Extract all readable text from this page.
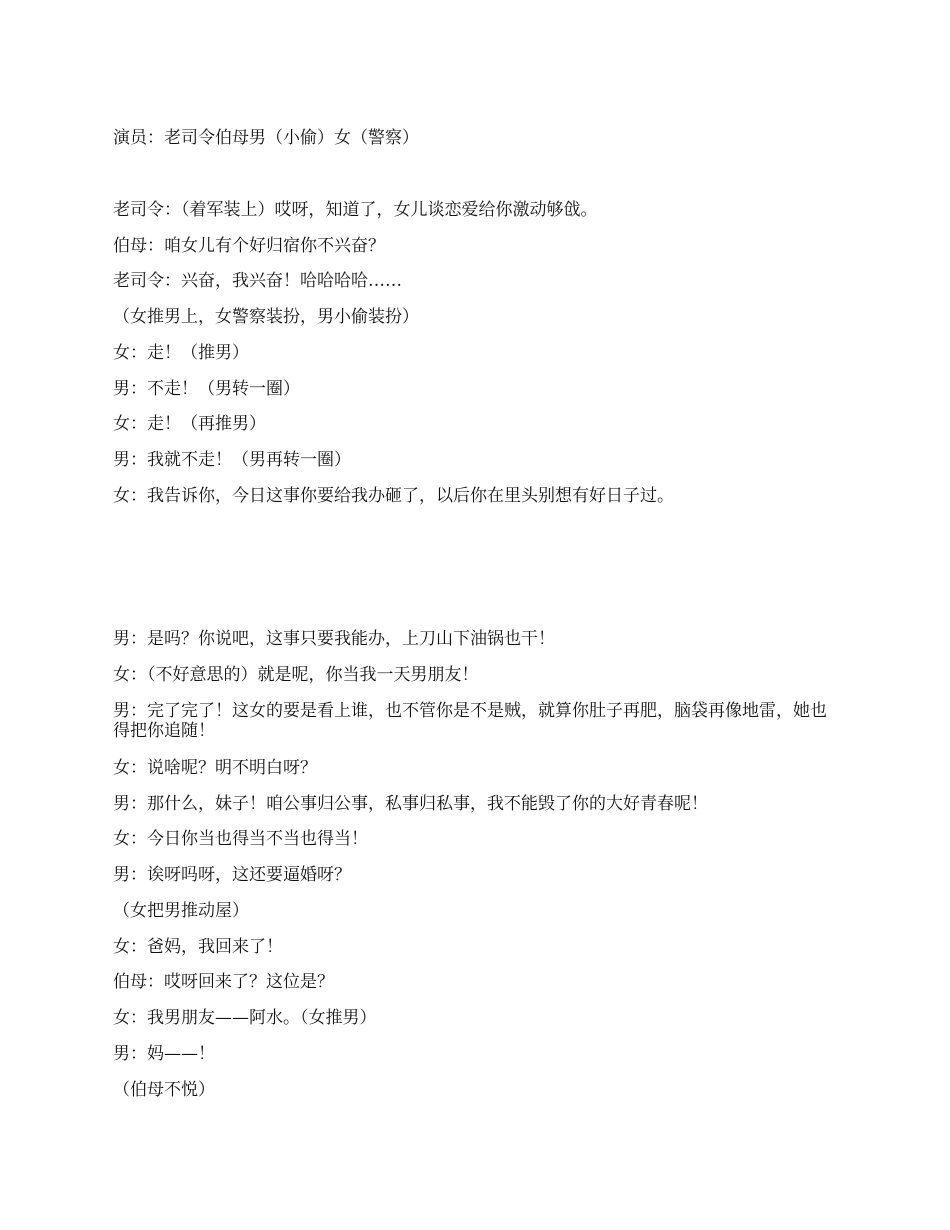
演员：老司令伯母男（小偷）女（警察）
老司令：（着军装上）哎呀，知道了，女儿谈恋爱给你激动够戗。
伯母：咱女儿有个好归宿你不兴奋？
老司令：兴奋，我兴奋！哈哈哈哈……
（女推男上，女警察装扮，男小偷装扮）
女：走！（推男）
男：不走！（男转一圈）
女：走！（再推男）
男：我就不走！（男再转一圈）
女：我告诉你，今日这事你要给我办砸了，以后你在里头别想有好日子过。
男：是吗？你说吧，这事只要我能办，上刀山下油锅也干！
女：（不好意思的）就是呢，你当我一天男朋友！
男：完了完了！这女的要是看上谁，也不管你是不是贼，就算你肚子再肥，脑袋再像地雷，她也得把你追随！
女：说啥呢？明不明白呀？
男：那什么，妹子！咱公事归公事，私事归私事，我不能毁了你的大好青春呢！
女：今日你当也得当不当也得当！
男：诶呀吗呀，这还要逼婚呀？
（女把男推动屋）
女：爸妈，我回来了！
伯母：哎呀回来了？这位是？
女：我男朋友——阿水。（女推男）
男：妈——！
（伯母不悦）
